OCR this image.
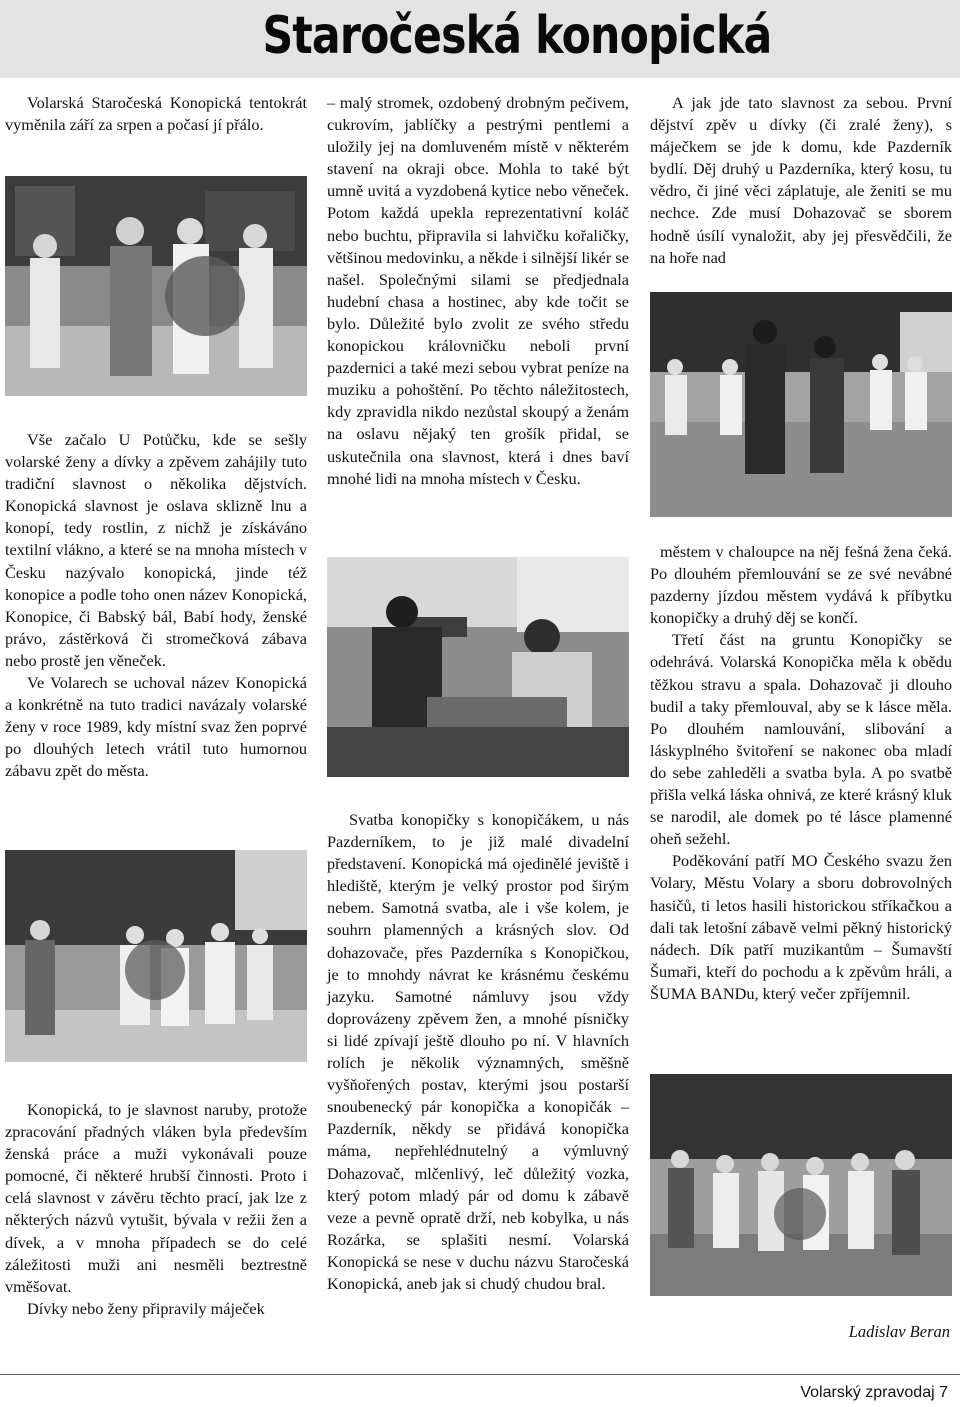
Staročeská konopická

Volarská Staročeská Konopická tentokrát vyměnila září za srpen a počasí jí přálo.

Vše začalo U Potůčku, kde se sešly volarské ženy a dívky a zpěvem zahájily tuto tradiční slavnost o několika dějstvích. Konopická slavnost je oslava sklizně lnu a konopí, tedy rostlin, z nichž je získáváno textilní vlákno, a které se na mnoha místech v Česku nazývalo konopická, jinde též konopice a podle toho onen název Konopická, Konopice, či Babský bál, Babí hody, ženské právo, zástěrková či stromečková zábava nebo prostě jen věneček.

Ve Volarech se uchoval název Konopická a konkrétně na tuto tradici navázaly volarské ženy v roce 1989, kdy místní svaz žen poprvé po dlouhých letech vrátil tuto humornou zábavu zpět do města.

Konopická, to je slavnost naruby, protože zpracování přadných vláken byla především ženská práce a muži vykonávali pouze pomocné, či některé hrubší činnosti. Proto i celá slavnost v závěru těchto prací, jak lze z některých názvů vytušit, bývala v režii žen a dívek, a v mnoha případech se do celé záležitosti muži ani nesměli beztrestně vměšovat.

Dívky nebo ženy připravily máječek

– malý stromek, ozdobený drobným pečivem, cukrovím, jablíčky a pestrými pentlemi a uložily jej na domluveném místě v některém stavení na okraji obce. Mohla to také být umně uvitá a vyzdobená kytice nebo věneček. Potom každá upekla reprezentativní koláč nebo buchtu, připravila si lahvičku kořaličky, většinou medovinku, a někde i silnější likér se našel. Společnými silami se předjednala hudební chasa a hostinec, aby kde točit se bylo. Důležité bylo zvolit ze svého středu konopickou královničku neboli první pazdernici a také mezi sebou vybrat peníze na muziku a pohoštění. Po těchto náležitostech, kdy zpravidla nikdo nezůstal skoupý a ženám na oslavu nějaký ten grošík přidal, se uskutečnila ona slavnost, která i dnes baví mnohé lidi na mnoha místech v Česku.

Svatba konopičky s konopičákem, u nás Pazderníkem, to je již malé divadelní představení. Konopická má ojedinělé jeviště i hlediště, kterým je velký prostor pod širým nebem. Samotná svatba, ale i vše kolem, je souhrn plamenných a krásných slov. Od dohazovače, přes Pazderníka s Konopičkou, je to mnohdy návrat ke krásnému českému jazyku. Samotné námluvy jsou vždy doprovázeny zpěvem žen, a mnohé písničky si lidé zpívají ještě dlouho po ní. V hlavních rolích je několik významných, směšně vyšňořených postav, kterými jsou postarší snoubenecký pár konopička a konopičák – Pazderník, někdy se přidává konopička máma, nepřehlédnutelný a výmluvný Dohazovač, mlčenlivý, leč důležitý vozka, který potom mladý pár od domu k zábavě veze a pevně opratě drží, neb kobylka, u nás Rozárka, se splašiti nesmí. Volarská Konopická se nese v duchu názvu Staročeská Konopická, aneb jak si chudý chudou bral.

A jak jde tato slavnost za sebou. První dějství zpěv u dívky (či zralé ženy), s máječkem se jde k domu, kde Pazderník bydlí. Děj druhý u Pazderníka, který kosu, tu vědro, či jiné věci záplatuje, ale ženiti se mu nechce. Zde musí Dohazovač se sborem hodně úsílí vynaložit, aby jej přesvědčili, že na hoře nad

městem v chaloupce na něj fešná žena čeká. Po dlouhém přemlouvání se ze své nevábné pazderny jízdou městem vydává k příbytku konopičky a druhý děj se končí.

Třetí část na gruntu Konopičky se odehrává. Volarská Konopička měla k obědu těžkou stravu a spala. Dohazovač ji dlouho budil a taky přemlouval, aby se k lásce měla. Po dlouhém namlouvání, slibování a láskyplného švitoření se nakonec oba mladí do sebe zahleděli a svatba byla. A po svatbě přišla velká láska ohnivá, ze které krásný kluk se narodil, ale domek po té lásce plamenné oheň sežehl.

Poděkování patří MO Českého svazu žen Volary, Městu Volary a sboru dobrovolných hasičů, ti letos hasili historickou stříkačkou a dali tak letošní zábavě velmi pěkný historický nádech. Dík patří muzikantům – Šumavští Šumaři, kteří do pochodu a k zpěvům hráli, a ŠUMA BANDu, který večer zpříjemnil.

Ladislav Beran
Volarský zpravodaj 7
